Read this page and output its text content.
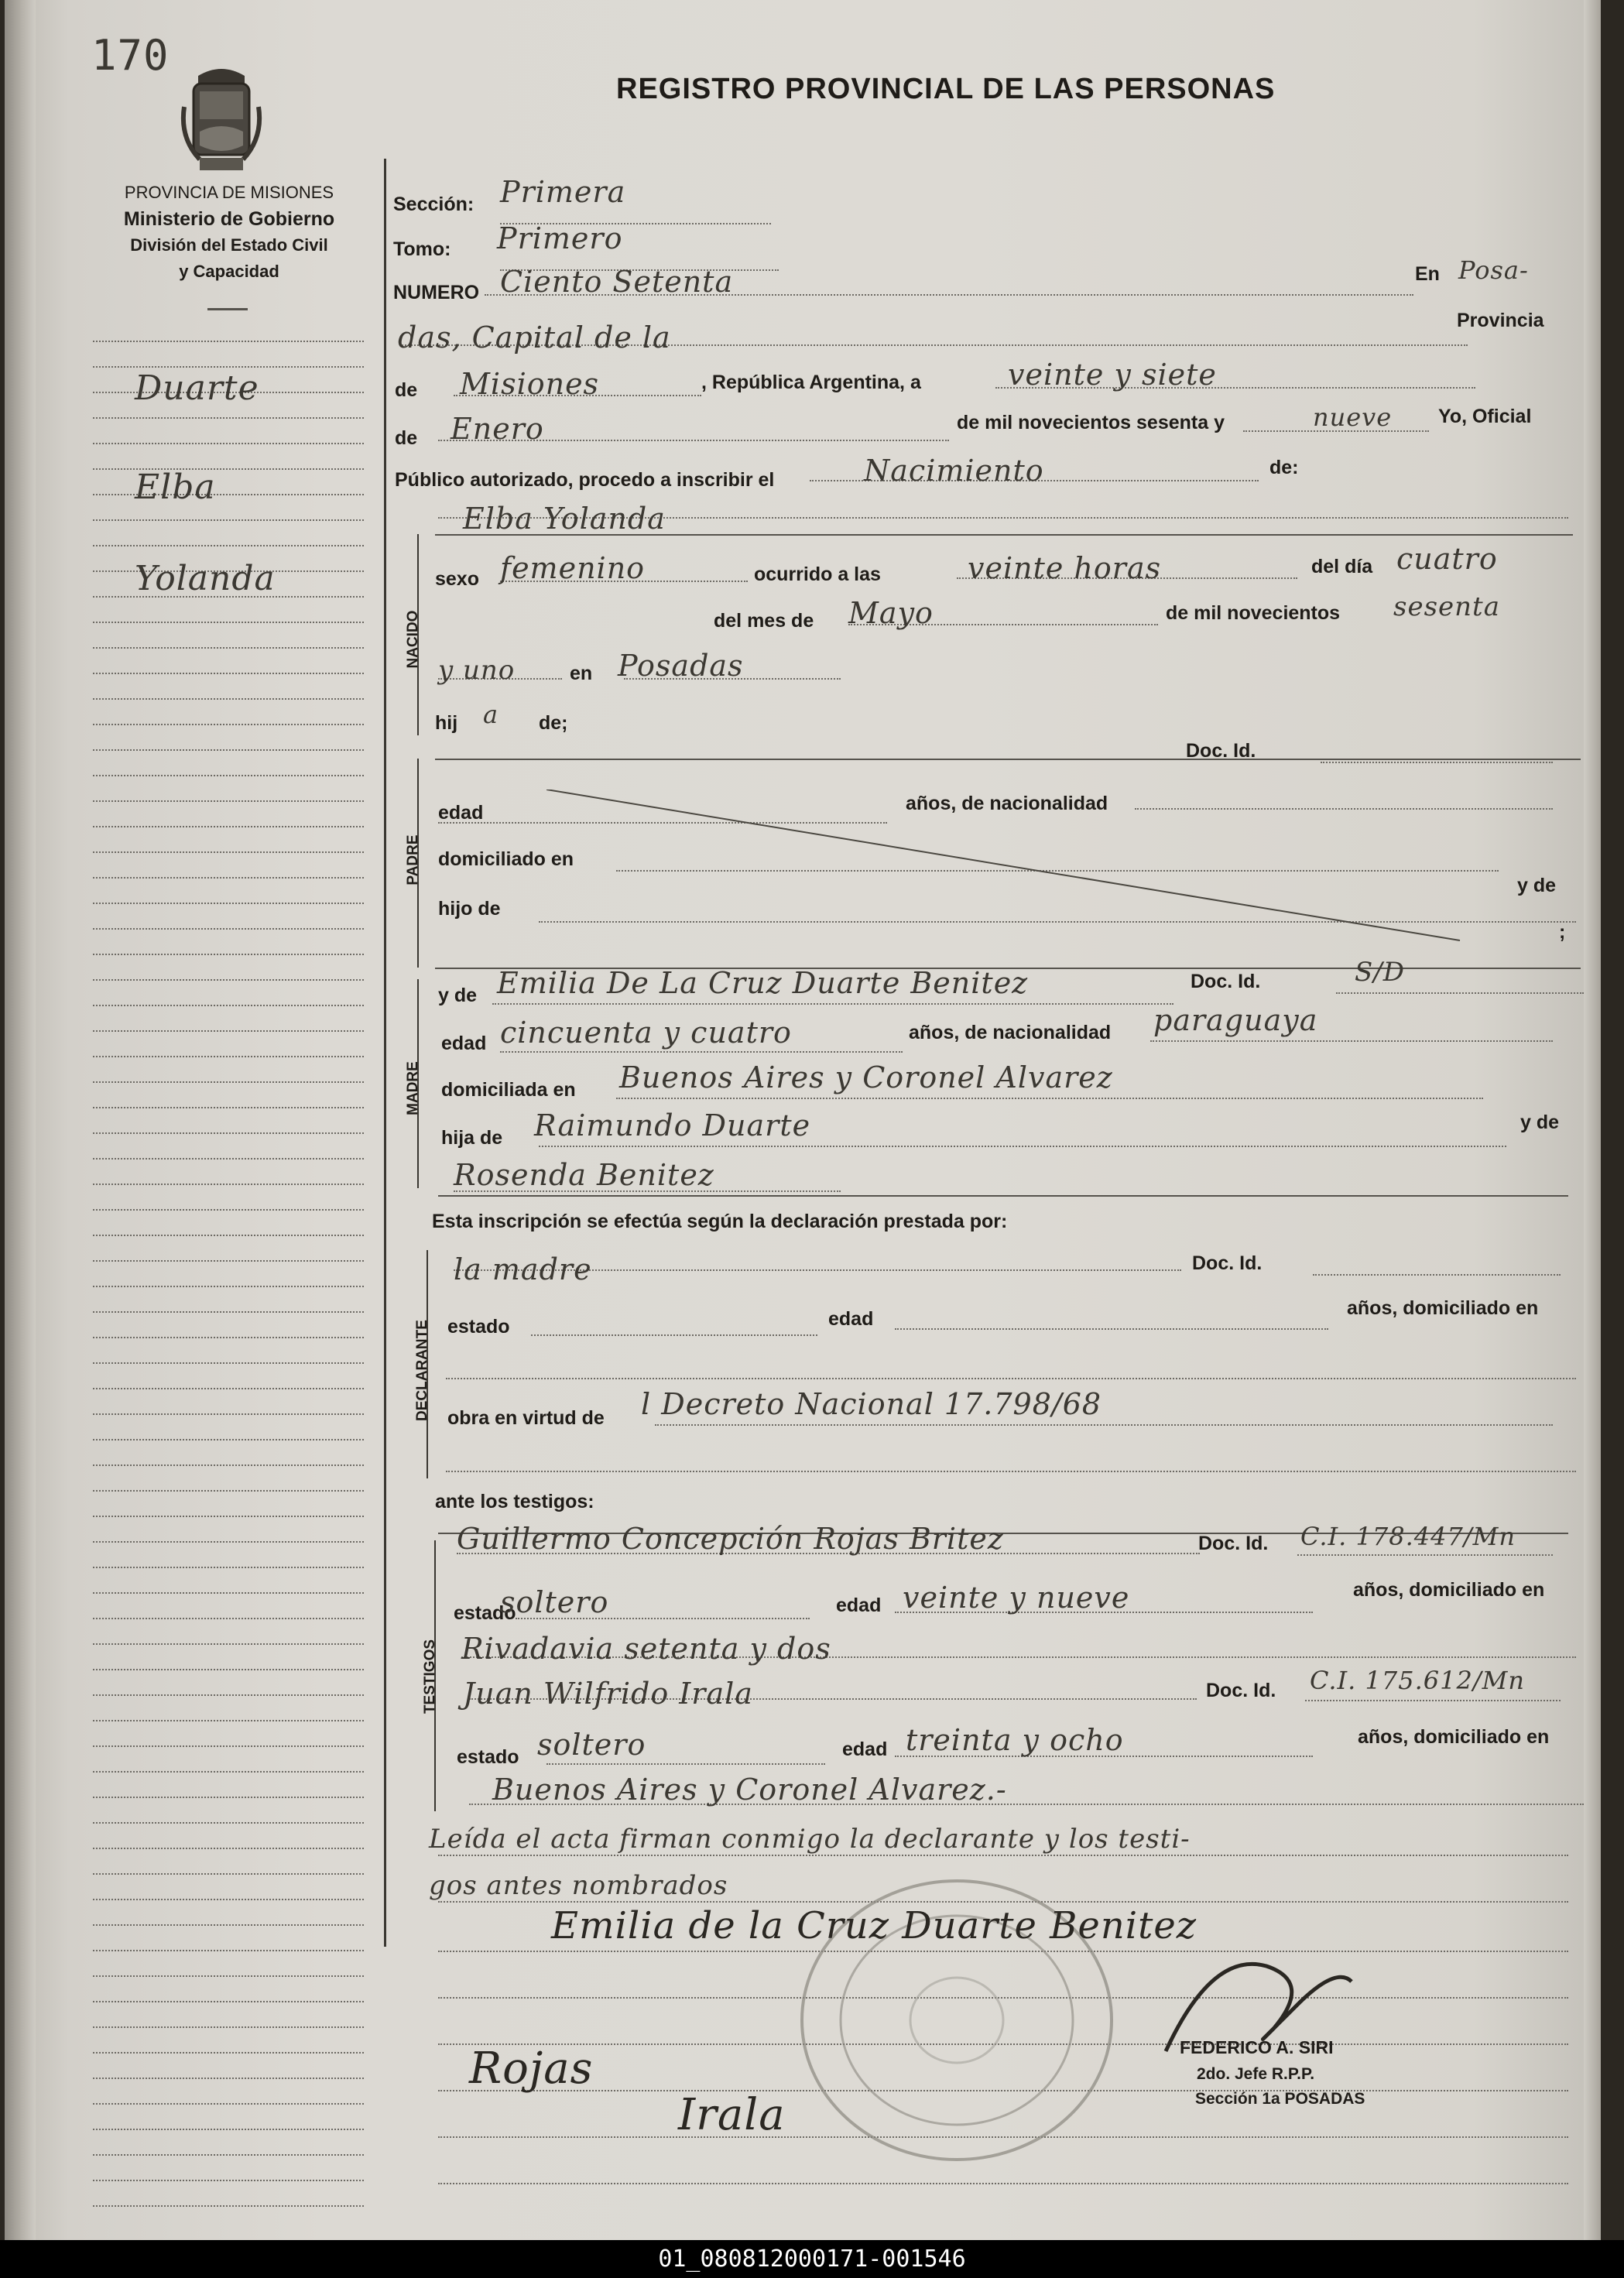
170
REGISTRO PROVINCIAL DE LAS PERSONAS
PROVINCIA DE MISIONES
Ministerio de Gobierno
División del Estado Civil
y Capacidad
Duarte
Elba
Yolanda
NACIDO
PADRE
MADRE
DECLARANTE
TESTIGOS
Sección: Primera
Tomo: Primero
NUMERO Ciento Setenta	En Posa-
das, Capital de la	Provincia
de Misiones	, República Argentina, a	veinte y siete
de Enero	de mil novecientos sesenta y	nueve Yo, Oficial
Público autorizado, procedo a inscribir el	Nacimiento	de:
Elba Yolanda
sexo femenino	ocurrido a las	veinte horas	del día cuatro
del mes de Mayo	de mil novecientos sesenta
y uno	en Posadas
hij a de;
Doc. Id.
edad	años, de nacionalidad
domiciliado en
y de
hijo de
;
y de Emilia De La Cruz Duarte Benitez	Doc. Id.	S/D
edad cincuenta y cuatro	años, de nacionalidad paraguaya
domiciliada en Buenos Aires y Coronel Alvarez
hija de Raimundo Duarte	y de
Rosenda Benitez
Esta inscripción se efectúa según la declaración prestada por:
la madre	Doc. Id.
estado	edad	años, domiciliado en
obra en virtud de l Decreto Nacional 17.798/68
ante los testigos:
Guillermo Concepción Rojas Britez	Doc. Id. C.I. 178.447/Mn
estado
soltero	edad veinte y nueve	años, domiciliado en
Rivadavia setenta y dos
Juan Wilfrido Irala	Doc. Id. C.I. 175.612/Mn
estado soltero	edad treinta y ocho	años, domiciliado en
Buenos Aires y Coronel Alvarez.-
Leída el acta firman conmigo la declarante y los testi-
gos antes nombrados
Emilia de la Cruz Duarte Benitez
Rojas
Irala
FEDERICO A. SIRI
2do. Jefe R.P.P.
Sección 1a POSADAS
01_080812000171-001546
